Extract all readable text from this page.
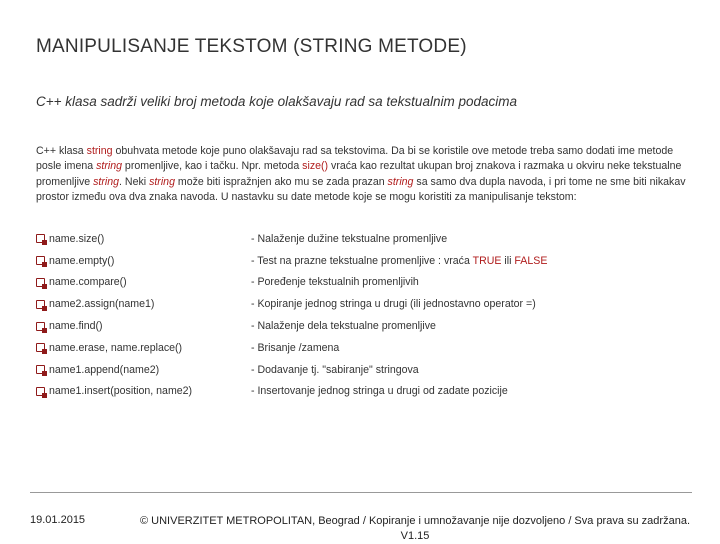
MANIPULISANJE TEKSTOM (STRING METODE)
C++ klasa sadrži veliki broj metoda koje olakšavaju rad sa tekstualnim podacima
C++ klasa string obuhvata metode koje puno olakšavaju rad sa tekstovima. Da bi se koristile ove metode treba samo dodati ime metode posle imena string promenljive, kao i tačku. Npr. metoda size() vraća kao rezultat ukupan broj znakova i razmaka u okviru neke tekstualne promenljive string. Neki string može biti ispražnjen ako mu se zada prazan string sa samo dva dupla navoda, i pri tome ne sme biti nikakav prostor između ova dva znaka navoda. U nastavku su date metode koje se mogu koristiti za manipulisanje tekstom:
name.size()	- Nalaženje dužine tekstualne promenljive
name.empty()	- Test na prazne tekstualne promenljive : vraća TRUE ili FALSE
name.compare()	- Poređenje tekstualnih promenljivih
name2.assign(name1)	- Kopiranje jednog stringa u drugi (ili jednostavno operator =)
name.find()	- Nalaženje dela tekstualne promenljive
name.erase, name.replace()	- Brisanje /zamena
name1.append(name2)	- Dodavanje tj. "sabiranje" stringova
name1.insert(position, name2)	- Insertovanje jednog stringa u drugi od zadate pozicije
19.01.2015	© UNIVERZITET METROPOLITAN, Beograd / Kopiranje i umnožavanje nije dozvoljeno / Sva prava su zadržana. V1.15
